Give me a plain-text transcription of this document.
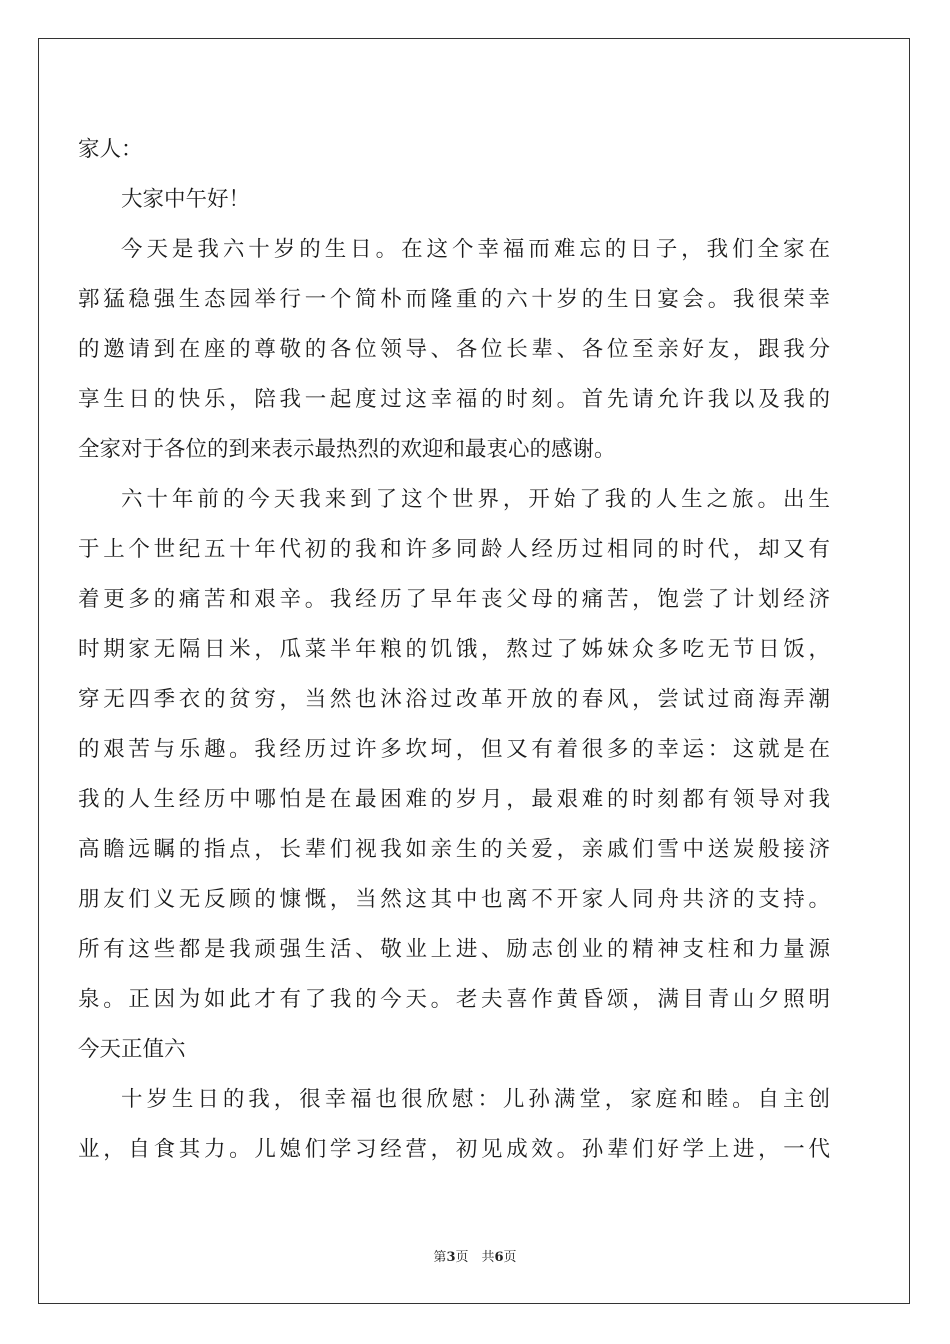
家人：
大家中午好！
今天是我六十岁的生日。在这个幸福而难忘的日子，我们全家在
郭猛稳强生态园举行一个简朴而隆重的六十岁的生日宴会。我很荣幸
的邀请到在座的尊敬的各位领导、各位长辈、各位至亲好友，跟我分
享生日的快乐，陪我一起度过这幸福的时刻。首先请允许我以及我的
全家对于各位的到来表示最热烈的欢迎和最衷心的感谢。
六十年前的今天我来到了这个世界，开始了我的人生之旅。出生
于上个世纪五十年代初的我和许多同龄人经历过相同的时代，却又有
着更多的痛苦和艰辛。我经历了早年丧父母的痛苦，饱尝了计划经济
时期家无隔日米，瓜菜半年粮的饥饿，熬过了姊妹众多吃无节日饭，
穿无四季衣的贫穷，当然也沐浴过改革开放的春风，尝试过商海弄潮
的艰苦与乐趣。我经历过许多坎坷，但又有着很多的幸运：这就是在
我的人生经历中哪怕是在最困难的岁月，最艰难的时刻都有领导对我
高瞻远瞩的指点，长辈们视我如亲生的关爱，亲戚们雪中送炭般接济
朋友们义无反顾的慷慨，当然这其中也离不开家人同舟共济的支持。
所有这些都是我顽强生活、敬业上进、励志创业的精神支柱和力量源
泉。正因为如此才有了我的今天。老夫喜作黄昏颂，满目青山夕照明
今天正值六
十岁生日的我，很幸福也很欣慰：儿孙满堂，家庭和睦。自主创
业，自食其力。儿媳们学习经营，初见成效。孙辈们好学上进，一代
第3页　共6页
